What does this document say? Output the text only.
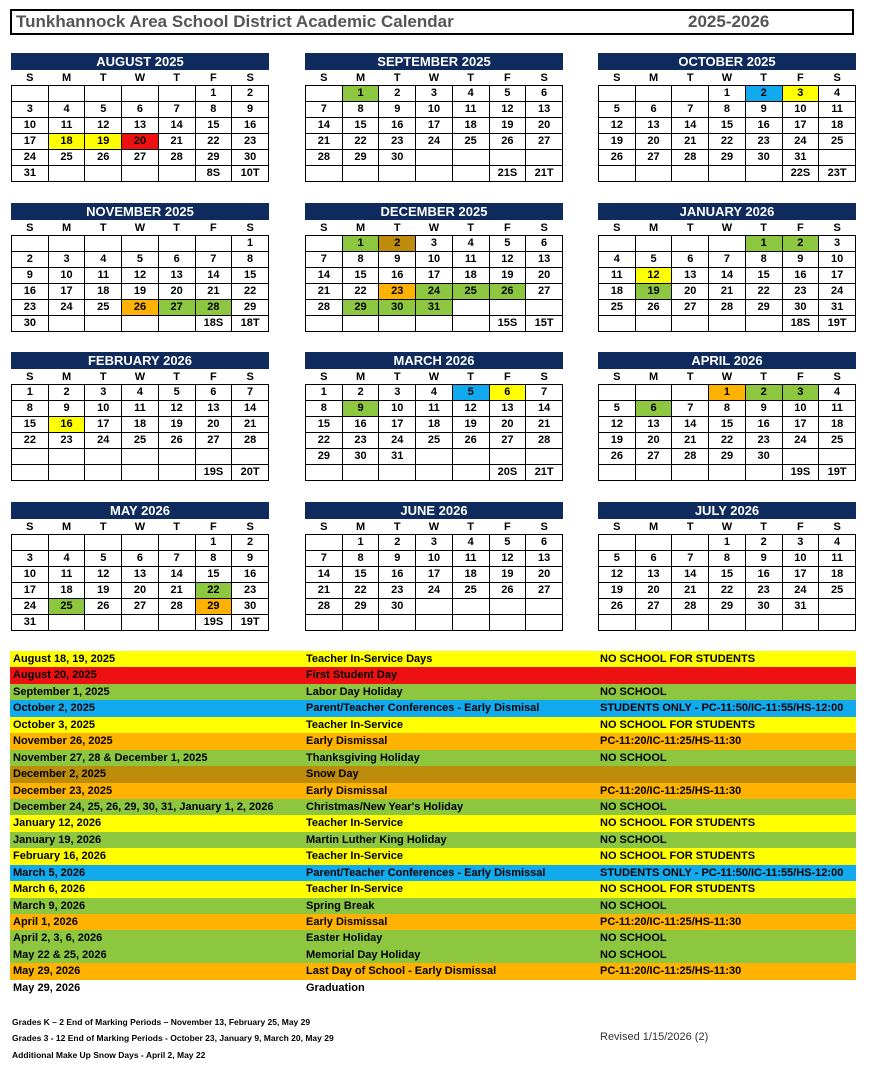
Tunkhannock Area School District Academic Calendar	2025-2026
AUGUST 2025
S	M	T	W	T	F	S
					1	2
3	4	5	6	7	8	9
10	11	12	13	14	15	16
17	18	19	20	21	22	23
24	25	26	27	28	29	30
31					8S	10T
SEPTEMBER 2025
S	M	T	W	T	F	S
	1	2	3	4	5	6
7	8	9	10	11	12	13
14	15	16	17	18	19	20
21	22	23	24	25	26	27
28	29	30				
					21S	21T
OCTOBER 2025
S	M	T	W	T	F	S
			1	2	3	4
5	6	7	8	9	10	11
12	13	14	15	16	17	18
19	20	21	22	23	24	25
26	27	28	29	30	31	
					22S	23T
NOVEMBER 2025
S	M	T	W	T	F	S
						1
2	3	4	5	6	7	8
9	10	11	12	13	14	15
16	17	18	19	20	21	22
23	24	25	26	27	28	29
30					18S	18T
DECEMBER 2025
S	M	T	W	T	F	S
	1	2	3	4	5	6
7	8	9	10	11	12	13
14	15	16	17	18	19	20
21	22	23	24	25	26	27
28	29	30	31			
					15S	15T
JANUARY 2026
S	M	T	W	T	F	S
				1	2	3
4	5	6	7	8	9	10
11	12	13	14	15	16	17
18	19	20	21	22	23	24
25	26	27	28	29	30	31
					18S	19T
FEBRUARY 2026
S	M	T	W	T	F	S
1	2	3	4	5	6	7
8	9	10	11	12	13	14
15	16	17	18	19	20	21
22	23	24	25	26	27	28

					19S	20T
MARCH 2026
S	M	T	W	T	F	S
1	2	3	4	5	6	7
8	9	10	11	12	13	14
15	16	17	18	19	20	21
22	23	24	25	26	27	28
29	30	31				
					20S	21T
APRIL 2026
S	M	T	W	T	F	S
			1	2	3	4
5	6	7	8	9	10	11
12	13	14	15	16	17	18
19	20	21	22	23	24	25
26	27	28	29	30		
					19S	19T
MAY 2026
S	M	T	W	T	F	S
					1	2
3	4	5	6	7	8	9
10	11	12	13	14	15	16
17	18	19	20	21	22	23
24	25	26	27	28	29	30
31					19S	19T
JUNE 2026
S	M	T	W	T	F	S
	1	2	3	4	5	6
7	8	9	10	11	12	13
14	15	16	17	18	19	20
21	22	23	24	25	26	27
28	29	30				

JULY 2026
S	M	T	W	T	F	S
			1	2	3	4
5	6	7	8	9	10	11
12	13	14	15	16	17	18
19	20	21	22	23	24	25
26	27	28	29	30	31	

August 18, 19, 2025	Teacher In-Service Days	NO SCHOOL FOR STUDENTS
August 20, 2025	First Student Day
September 1, 2025	Labor Day Holiday	NO SCHOOL
October 2, 2025	Parent/Teacher Conferences - Early Dismisal	STUDENTS ONLY - PC-11:50/IC-11:55/HS-12:00
October 3, 2025	Teacher In-Service	NO SCHOOL FOR STUDENTS
November 26, 2025	Early Dismissal	PC-11:20/IC-11:25/HS-11:30
November 27, 28 & December 1, 2025	Thanksgiving Holiday	NO SCHOOL
December 2, 2025	Snow Day
December 23, 2025	Early Dismissal	PC-11:20/IC-11:25/HS-11:30
December 24, 25, 26, 29, 30, 31, January 1, 2, 2026	Christmas/New Year's Holiday	NO SCHOOL
January 12, 2026	Teacher In-Service	NO SCHOOL FOR STUDENTS
January 19, 2026	Martin Luther King Holiday	NO SCHOOL
February 16, 2026	Teacher In-Service	NO SCHOOL FOR STUDENTS
March 5, 2026	Parent/Teacher Conferences - Early Dismissal	STUDENTS ONLY - PC-11:50/IC-11:55/HS-12:00
March 6, 2026	Teacher In-Service	NO SCHOOL FOR STUDENTS
March 9, 2026	Spring Break	NO SCHOOL
April 1, 2026	Early Dismissal	PC-11:20/IC-11:25/HS-11:30
April 2, 3, 6, 2026	Easter Holiday	NO SCHOOL
May 22 & 25, 2026	Memorial Day Holiday	NO SCHOOL
May 29, 2026	Last Day of School - Early Dismissal	PC-11:20/IC-11:25/HS-11:30
May 29, 2026	Graduation
Grades K – 2 End of Marking Periods – November 13, February 25, May 29
Grades 3 - 12 End of Marking Periods - October 23, January 9, March 20, May 29
Additional Make Up Snow Days - April 2, May 22
Revised 1/15/2026 (2)
